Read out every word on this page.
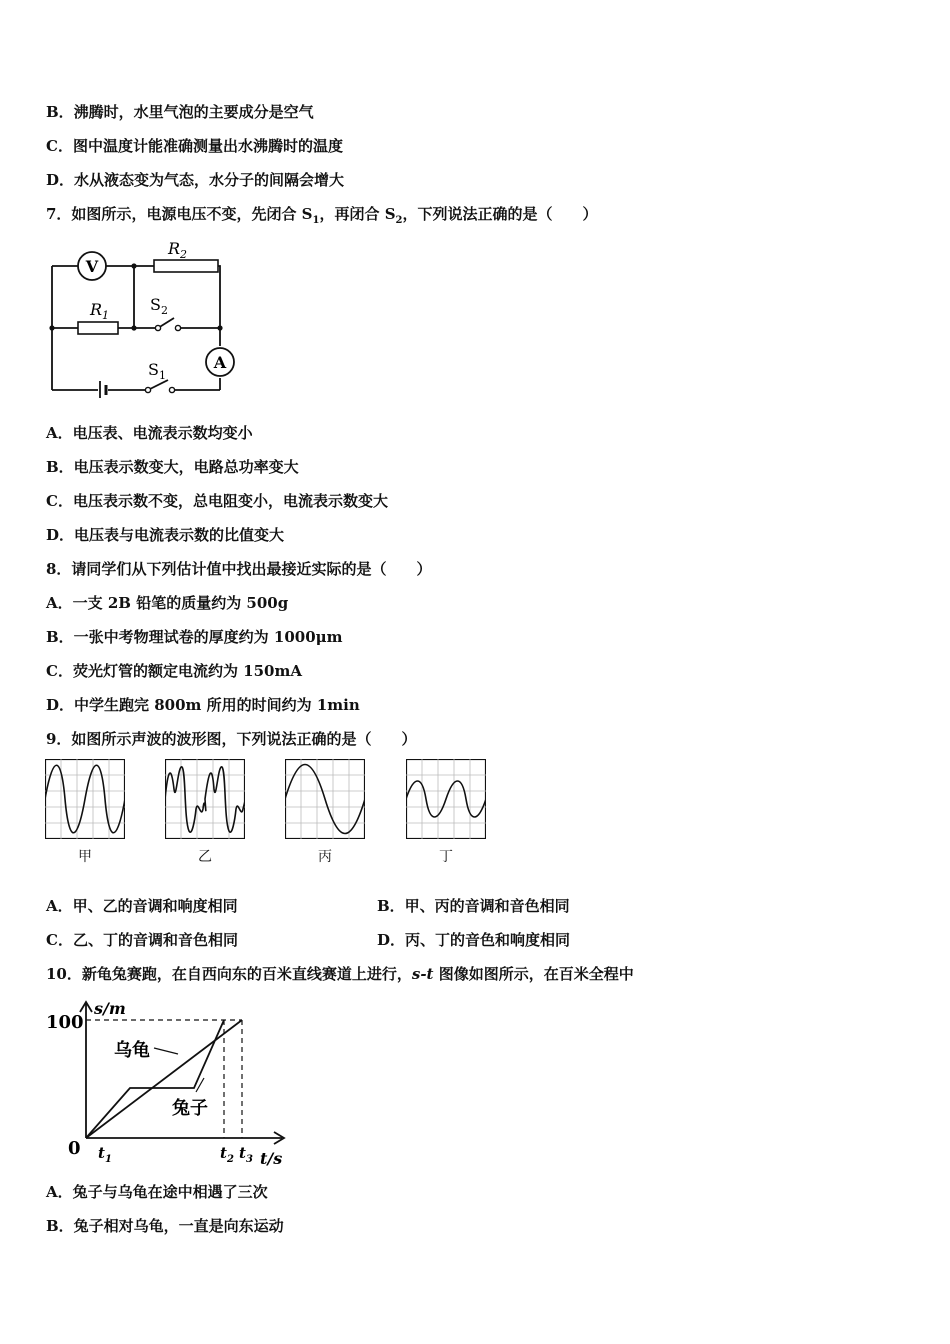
B．沸腾时，水里气泡的主要成分是空气
C．图中温度计能准确测量出水沸腾时的温度
D．水从液态变为气态，水分子的间隔会增大
7．如图所示，电源电压不变，先闭合 $S_1$，再闭合 $S_2$，下列说法正确的是（　　）
V
$R_2$
$R_1$
$S_2$
A
$S_1$
A．电压表、电流表示数均变小
B．电压表示数变大，电路总功率变大
C．电压表示数不变，总电阻变小，电流表示数变大
D．电压表与电流表示数的比值变大
8．请同学们从下列估计值中找出最接近实际的是（　　）
A．一支 2B 铅笔的质量约为 500g
B．一张中考物理试卷的厚度约为 1000μm
C．荧光灯管的额定电流约为 150mA
D．中学生跑完 800m 所用的时间约为 1min
9．如图所示声波的波形图，下列说法正确的是（　　）
甲	乙	丙	丁
A．甲、乙的音调和响度相同	B．甲、丙的音调和音色相同
C．乙、丁的音调和音色相同	D．丙、丁的音色和响度相同
10．新龟兔赛跑，在自西向东的百米直线赛道上进行，s-t 图像如图所示，在百米全程中
100
s/m
0	t/s
乌龟
兔子
$t_1$	$t_2$ $t_3$
A．兔子与乌龟在途中相遇了三次
B．兔子相对乌龟，一直是向东运动
